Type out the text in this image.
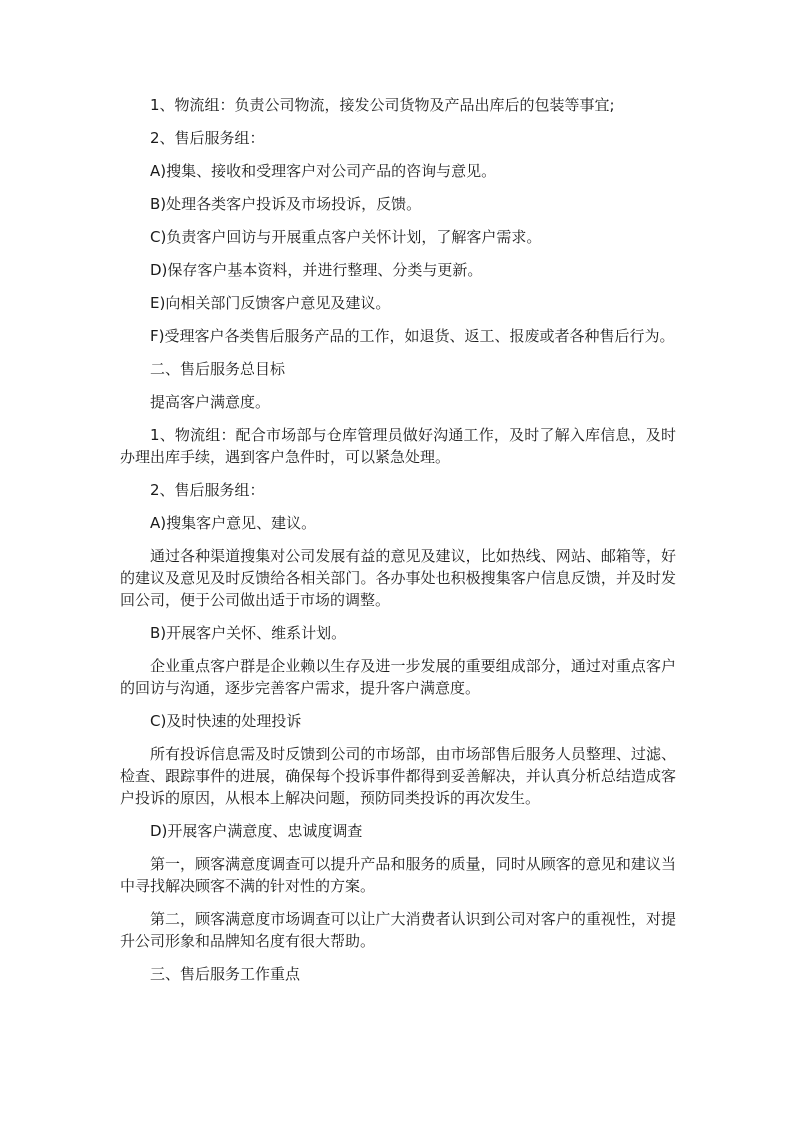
1、物流组：负责公司物流，接发公司货物及产品出库后的包装等事宜;

2、售后服务组：

A)搜集、接收和受理客户对公司产品的咨询与意见。

B)处理各类客户投诉及市场投诉，反馈。

C)负责客户回访与开展重点客户关怀计划，了解客户需求。

D)保存客户基本资料，并进行整理、分类与更新。

E)向相关部门反馈客户意见及建议。

F)受理客户各类售后服务产品的工作，如退货、返工、报废或者各种售后行为。

二、售后服务总目标

提高客户满意度。

1、物流组：配合市场部与仓库管理员做好沟通工作，及时了解入库信息，及时办理出库手续，遇到客户急件时，可以紧急处理。

2、售后服务组：

A)搜集客户意见、建议。

通过各种渠道搜集对公司发展有益的意见及建议，比如热线、网站、邮箱等，好的建议及意见及时反馈给各相关部门。各办事处也积极搜集客户信息反馈，并及时发回公司，便于公司做出适于市场的调整。

B)开展客户关怀、维系计划。

企业重点客户群是企业赖以生存及进一步发展的重要组成部分，通过对重点客户的回访与沟通，逐步完善客户需求，提升客户满意度。

C)及时快速的处理投诉

所有投诉信息需及时反馈到公司的市场部，由市场部售后服务人员整理、过滤、检查、跟踪事件的进展，确保每个投诉事件都得到妥善解决，并认真分析总结造成客户投诉的原因，从根本上解决问题，预防同类投诉的再次发生。

D)开展客户满意度、忠诚度调查

第一，顾客满意度调查可以提升产品和服务的质量，同时从顾客的意见和建议当中寻找解决顾客不满的针对性的方案。

第二，顾客满意度市场调查可以让广大消费者认识到公司对客户的重视性，对提升公司形象和品牌知名度有很大帮助。

三、售后服务工作重点
